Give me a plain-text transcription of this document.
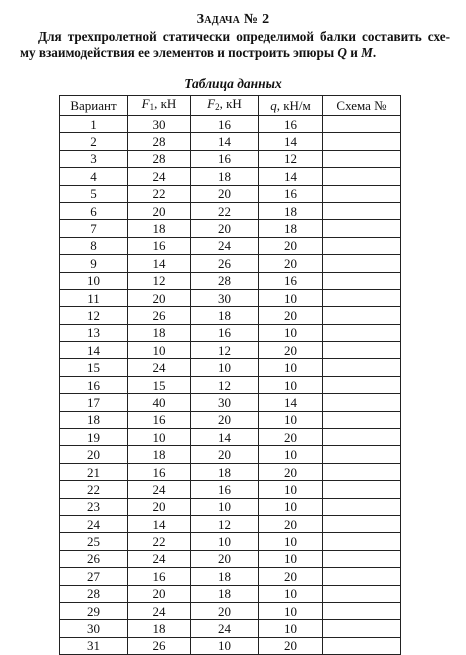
Задача № 2
Для трехпролетной статически определимой балки составить схе-
му взаимодействия ее элементов и построить эпюры Q и M.
Таблица данных
Вариант	$F_1$, кН	$F_2$, кН	q, кН/м	Схема №
1	30	16	16	
2	28	14	14	
3	28	16	12	
4	24	18	14	
5	22	20	16	
6	20	22	18	
7	18	20	18	
8	16	24	20	
9	14	26	20	
10	12	28	16	
11	20	30	10	
12	26	18	20	
13	18	16	10	
14	10	12	20	
15	24	10	10	
16	15	12	10	
17	40	30	14	
18	16	20	10	
19	10	14	20	
20	18	20	10	
21	16	18	20	
22	24	16	10	
23	20	10	10	
24	14	12	20	
25	22	10	10	
26	24	20	10	
27	16	18	20	
28	20	18	10	
29	24	20	10	
30	18	24	10	
31	26	10	20	
